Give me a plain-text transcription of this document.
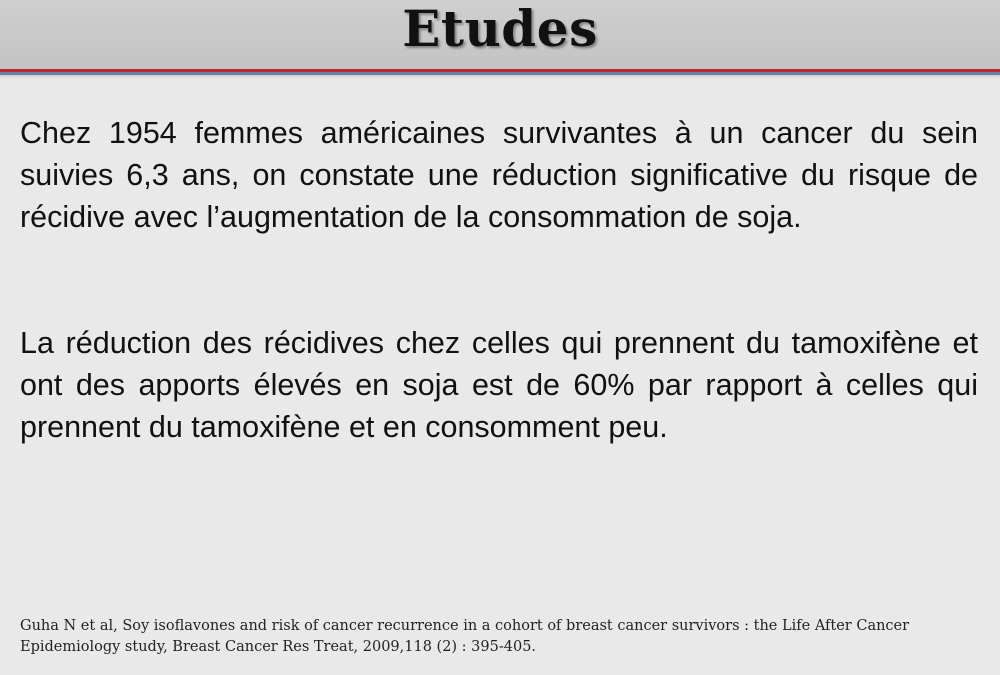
Etudes

Chez 1954 femmes américaines survivantes à un cancer du sein suivies 6,3 ans, on constate une réduction significative du risque de récidive avec l’augmentation de la consommation de soja.

La réduction des récidives chez celles qui prennent du tamoxifène et ont des apports élevés en soja est de 60% par rapport à celles qui prennent du tamoxifène et en consomment peu.

Guha N et al, Soy isoflavones and risk of cancer recurrence in a cohort of breast cancer survivors : the Life After Cancer Epidemiology study, Breast Cancer Res Treat, 2009,118 (2) : 395-405.
